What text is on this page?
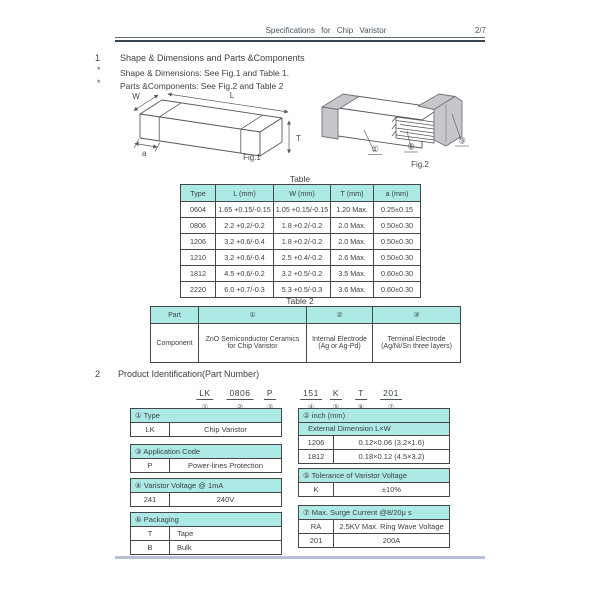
Specifications for Chip Varistor	2/7
1 Shape & Dimensions and Parts &Components
* Shape & Dimensions: See Fig.1 and Table 1.
* Parts &Components: See Fig.2 and Table 2
W	L
T
a	Fig.1
①	②
③
Fig.2
Table
Type	L (mm)	W (mm)	T (mm)	a (mm)
0604	1.65 +0.15/-0.15	1.05 +0.15/-0.15	1.20 Max.	0.25±0.15
0806	2.2 +0.2/-0.2	1.8 +0.2/-0.2	2.0 Max.	0.50±0.30
1206	3.2 +0.6/-0.4	1.8 +0.2/-0.2	2.0 Max.	0.50±0.30
1210	3.2 +0.6/-0.4	2.5 +0.4/-0.2	2.6 Max.	0.50±0.30
1812	4.5 +0.6/-0.2	3.2 +0.5/-0.2	3.5 Max.	0.60±0.30
2220	6.0 +0.7/-0.3	5.3 +0.5/-0.3	3.6 Max.	0.60±0.30
Table 2
Part	①	②	③
Component	ZnO Semiconductor Ceramics for Chip Varistor	Internal Electrode (Ag or Ag-Pd)	Terminal Electrode (Ag/Ni/Sn three layers)
2 Product Identification(Part Number)
LK	0806	P	151	K	T	201
① Type
LK	Chip Varistor
③ Application Code
P	Power-lines Protection
④ Varistor Voltage @ 1mA
241	240V
⑥ Packaging
T	Tape
B	Bulk
② inch (mm)
External Dimension L×W
1206	0.12×0.06 (3.2×1.6)
1812	0.18×0.12 (4.5×3.2)
⑤ Tolerance of Varistor Voltage
K	±10%
⑦ Max. Surge Current @8/20μ s
RA	2.5KV Max. Ring Wave Voltage
201	200A
